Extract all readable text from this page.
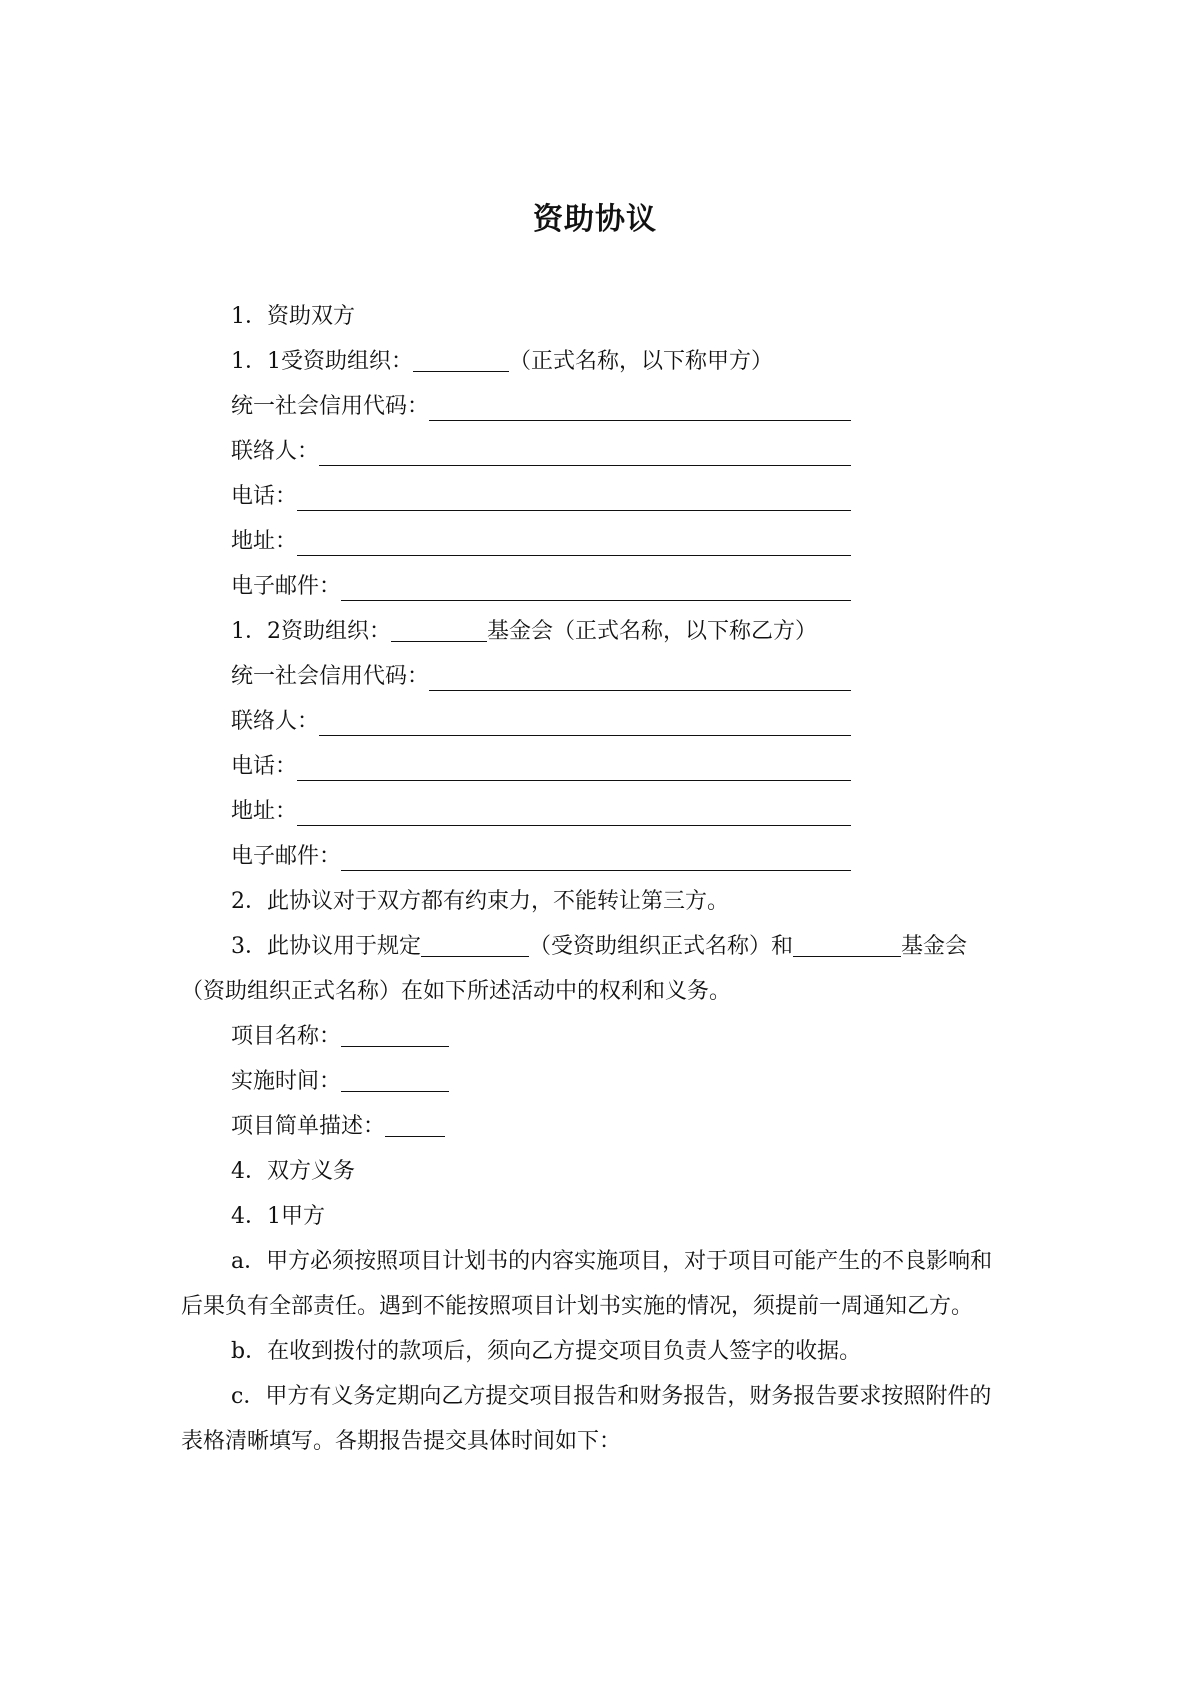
资助协议
1．资助双方
1．1受资助组织：	（正式名称，以下称甲方）
统一社会信用代码：
联络人：
电话：
地址：
电子邮件：
1．2资助组织：	基金会（正式名称，以下称乙方）
统一社会信用代码：
联络人：
电话：
地址：
电子邮件：
2．此协议对于双方都有约束力，不能转让第三方。
3．此协议用于规定	（受资助组织正式名称）和	基金会（资助组织正式名称）在如下所述活动中的权利和义务。
项目名称：
实施时间：
项目简单描述：
4．双方义务
4．1甲方
a．甲方必须按照项目计划书的内容实施项目，对于项目可能产生的不良影响和后果负有全部责任。遇到不能按照项目计划书实施的情况，须提前一周通知乙方。
b．在收到拨付的款项后，须向乙方提交项目负责人签字的收据。
c．甲方有义务定期向乙方提交项目报告和财务报告，财务报告要求按照附件的表格清晰填写。各期报告提交具体时间如下：
